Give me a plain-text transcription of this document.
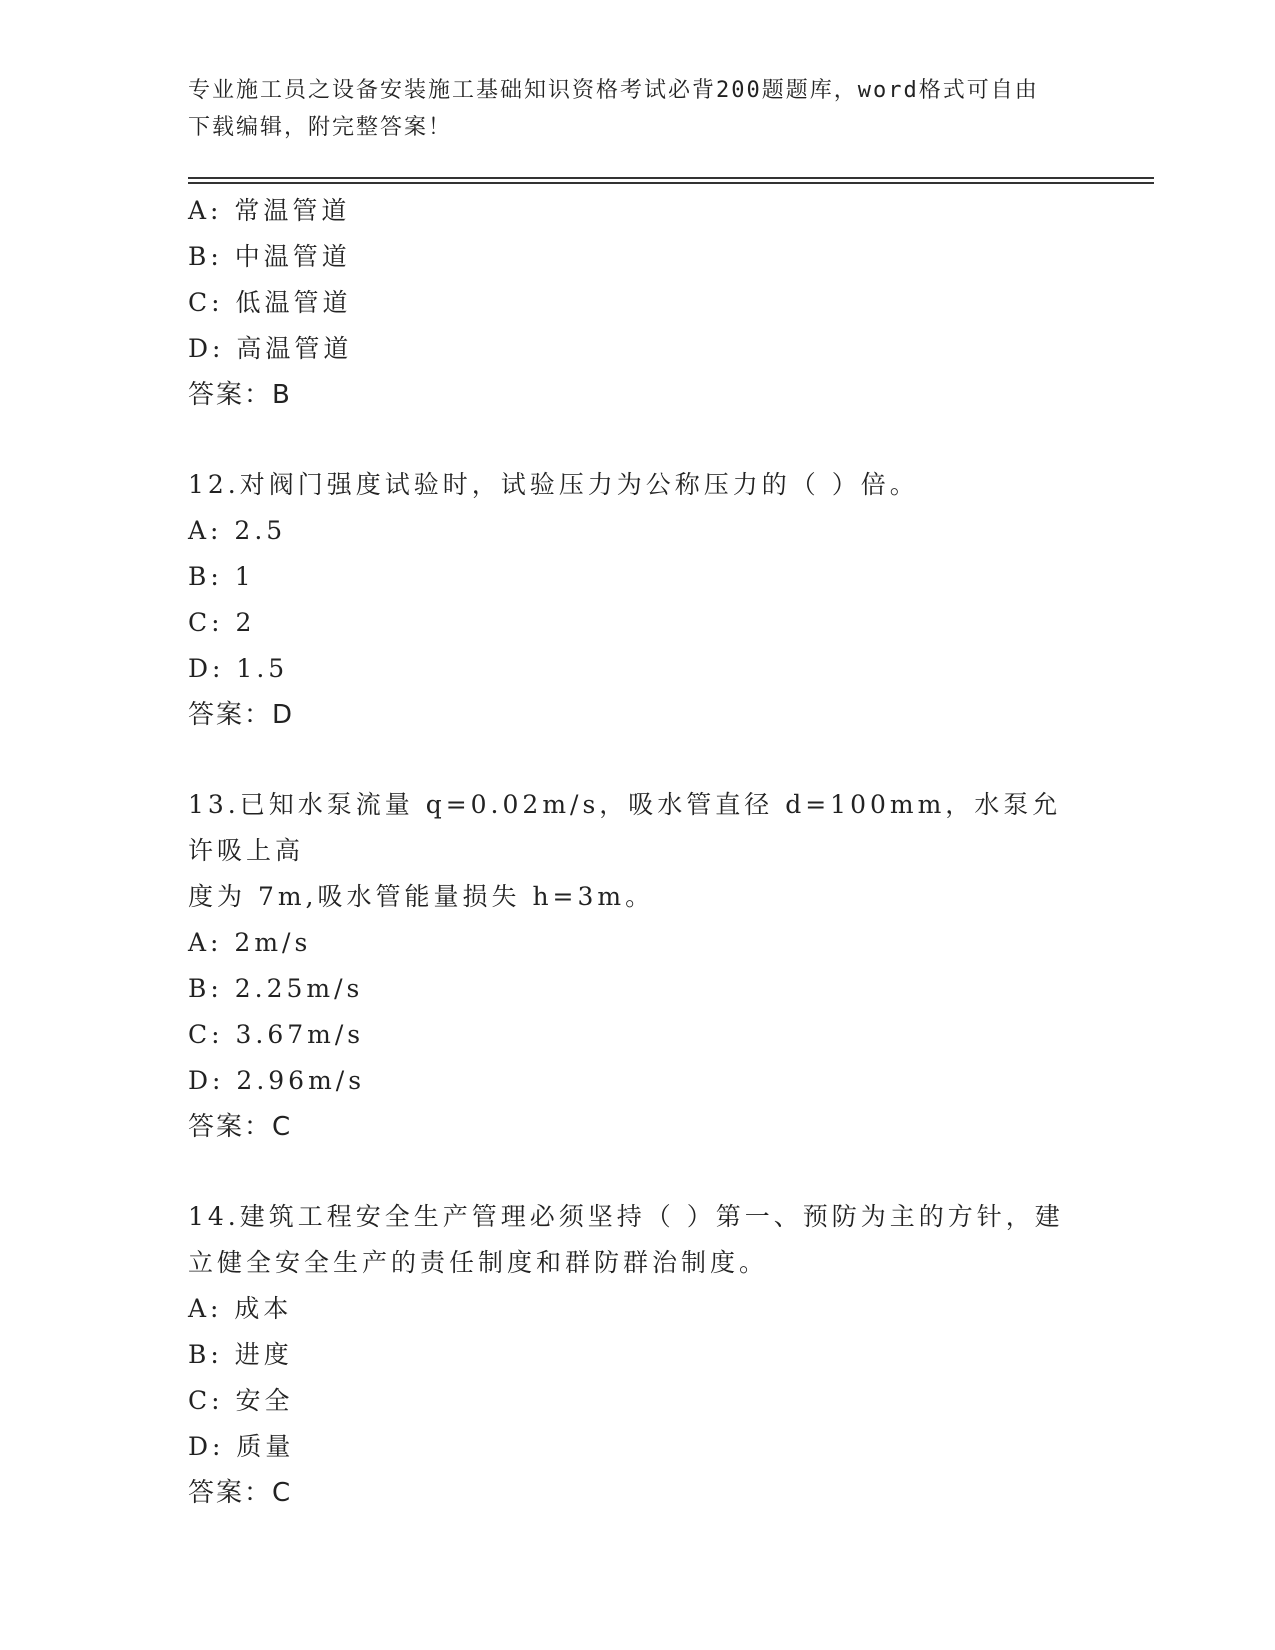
专业施工员之设备安装施工基础知识资格考试必背200题题库，word格式可自由
下载编辑，附完整答案！
A: 常温管道
B: 中温管道
C: 低温管道
D: 高温管道
答案：B
12.对阀门强度试验时，试验压力为公称压力的（ ）倍。
A: 2.5
B: 1
C: 2
D: 1.5
答案：D
13.已知水泵流量 q=0.02m/s，吸水管直径 d=100mm，水泵允许吸上高
度为 7m,吸水管能量损失 h=3m。
A: 2m/s
B: 2.25m/s
C: 3.67m/s
D: 2.96m/s
答案：C
14.建筑工程安全生产管理必须坚持（ ）第一、预防为主的方针，建
立健全安全生产的责任制度和群防群治制度。
A: 成本
B: 进度
C: 安全
D: 质量
答案：C
